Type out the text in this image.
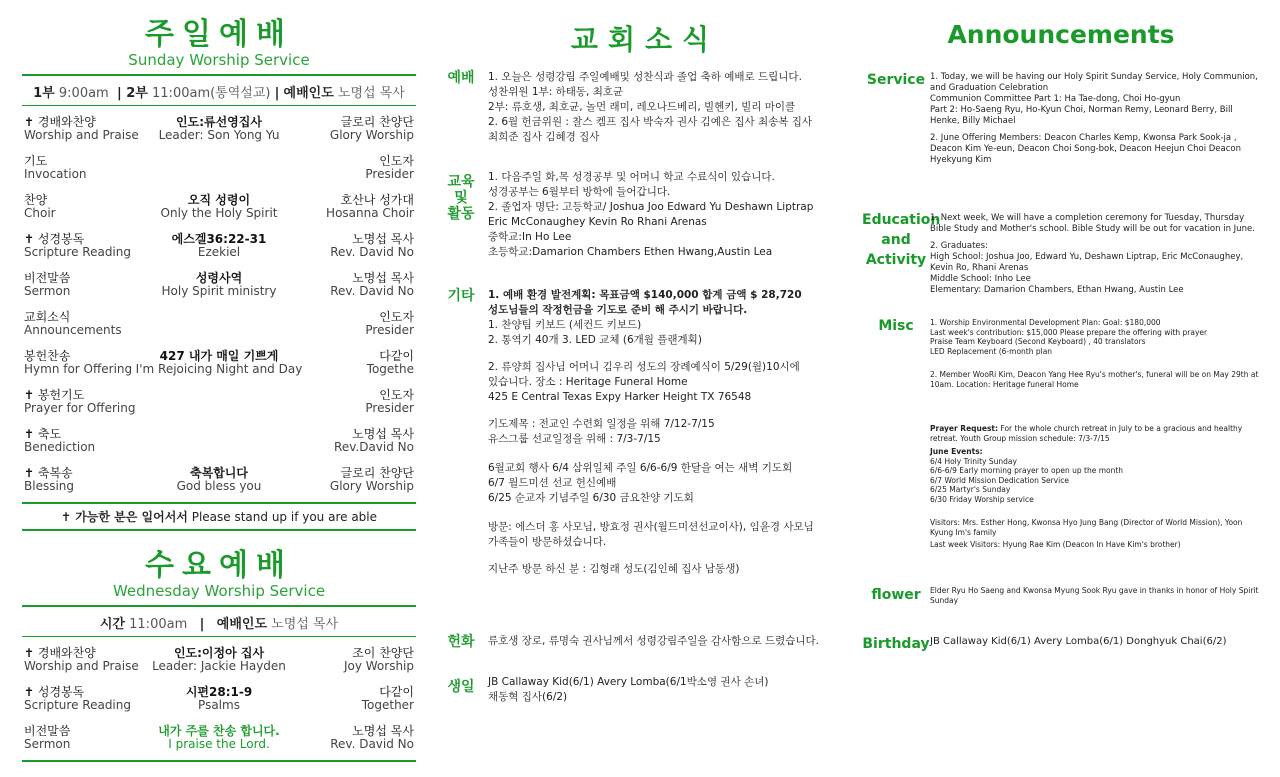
주일예배
Sunday Worship Service
1부 9:00am | 2부 11:00am(통역설교) | 예배인도 노명섭 목사
✝ 경배와찬양
Worship and Praise
인도:류선영집사
Leader: Son Yong Yu
글로리 찬양단
Glory Worship
기도
Invocation
인도자
Presider
찬양
Choir
오직 성령이
Only the Holy Spirit
호산나 성가대
Hosanna Choir
✝ 성경봉독
Scripture Reading
에스겔36:22-31
Ezekiel
노명섭 목사
Rev. David No
비전말씀
Sermon
성령사역
Holy Spirit ministry
노명섭 목사
Rev. David No
교회소식
Announcements
인도자
Presider
봉헌찬송
Hymn for Offering
427 내가 매일 기쁘게
I'm Rejoicing Night and Day
다같이
Togethe
✝ 봉헌기도
Prayer for Offering
인도자
Presider
✝ 축도
Benediction
노명섭 목사
Rev.David No
✝ 축복송
Blessing
축복합니다
God bless you
글로리 찬양단
Glory Worship
✝ 가능한 분은 일어서서 Please stand up if you are able
수요예배
Wednesday Worship Service
시간 11:00am | 예배인도 노명섭 목사
✝ 경배와찬양
Worship and Praise
인도:이정아 집사
Leader: Jackie Hayden
조이 찬양단
Joy Worship
✝ 성경봉독
Scripture Reading
시편28:1-9
Psalms
다같이
Together
비전말씀
Sermon
내가 주를 찬송 합니다.
I praise the Lord.
노명섭 목사
Rev. David No
교회소식
예배 1. 오늘은 성령강림 주일예배및 성찬식과 졸업 축하 예배로 드립니다.

성찬위원 1부: 하태동, 최호균

2부: 류호생, 최호균, 놀먼 래미, 레오나드베리, 빌헨키, 빌리 마이클

2. 6월 헌금위원 : 찰스 켐프 집사 박숙자 권사 김예은 집사 최송복 집사

최희준 집사 김혜경 집사

교육 및 활동

1. 다음주일 화,목 성경공부 및 어머니 학교 수료식이 있습니다.

성경공부는 6월부터 방학에 들어갑니다.

2. 졸업자 명단: 고등학교/ Joshua Joo Edward Yu Deshawn Liptrap

Eric McConaughey Kevin Ro Rhani Arenas

중학교:In Ho Lee

초등학교:Damarion Chambers Ethen Hwang,Austin Lea

기타 1. 예배 환경 발전계획: 목표금액 $140,000 합계 금액 $ 28,720

성도님들의 작정헌금을 기도로 준비 해 주시기 바랍니다.

1. 찬양팀 키보드 (세컨드 키보드)

2. 통역기 40개 3. LED 교체 (6개월 플랜계획)

2. 류양희 집사님 어머니 김우리 성도의 장례예식이 5/29(월)10시에

있습니다. 장소 : Heritage Funeral Home

425 E Central Texas Expy Harker Height TX 76548

기도제목 : 전교인 수련회 일정을 위해 7/12-7/15

유스그룹 선교일정을 위해 : 7/3-7/15

6월교회 행사 6/4 삼위일체 주일 6/6-6/9 한달을 여는 새벽 기도회

6/7 월드미션 선교 헌신예배

6/25 순교자 기념주일 6/30 금요찬양 기도회

방문: 에스더 홍 사모님, 방효정 권사(월드미션선교이사), 임윤경 사모님

가족들이 방문하셨습니다.

지난주 방문 하신 분 : 김형래 성도(김인혜 집사 남동생)

헌화 류호생 장로, 류명숙 권사님께서 성령강림주일을 감사함으로 드렸습니다.

생일 JB Callaway Kid(6/1) Avery Lomba(6/1박소영 권사 손녀)

채동혁 집사(6/2)

Announcements
Service 1. Today, we will be having our Holy Spirit Sunday Service, Holy Communion, and Graduation Celebration

Communion Committee Part 1: Ha Tae-dong, Choi Ho-gyun

Part 2: Ho-Saeng Ryu, Ho-Kyun Choi, Norman Remy, Leonard Berry, Bill Henke, Billy Michael

2. June Offering Members: Deacon Charles Kemp, Kwonsa Park Sook-ja , Deacon Kim Ye-eun, Deacon Choi Song-bok, Deacon Heejun Choi Deacon Hyekyung Kim

Education
and
Activity

1. Next week, We will have a completion ceremony for Tuesday, Thursday Bible Study and Mother's school. Bible Study will be out for vacation in June.

2. Graduates:

High School: Joshua Joo, Edward Yu, Deshawn Liptrap, Eric McConaughey, Kevin Ro, Rhani Arenas

Middle School: Inho Lee

Elementary: Damarion Chambers, Ethan Hwang, Austin Lee

Misc	1. Worship Environmental Development Plan: Goal: $180,000

Last week's contribution: $15,000 Please prepare the offering with prayer

Praise Team Keyboard (Second Keyboard) , 40 translators

LED Replacement (6-month plan

2. Member WooRi Kim, Deacon Yang Hee Ryu's mother's, funeral will be on May 29th at 10am. Location: Heritage funeral Home

Prayer Request: For the whole church retreat in July to be a gracious and healthy retreat. Youth Group mission schedule: 7/3-7/15

June Events:

6/4 Holy Trinity Sunday

6/6-6/9 Early morning prayer to open up the month

6/7 World Mission Dedication Service

6/25 Martyr's Sunday

6/30 Friday Worship service

Visitors: Mrs. Esther Hong, Kwonsa Hyo Jung Bang (Director of World Mission), Yoon Kyung Im's family

Last week Visitors: Hyung Rae Kim (Deacon In Have Kim's brother)

flower	Elder Ryu Ho Saeng and Kwonsa Myung Sook Ryu gave in thanks in honor of Holy Spirit Sunday

Birthday JB Callaway Kid(6/1) Avery Lomba(6/1) Donghyuk Chai(6/2)
